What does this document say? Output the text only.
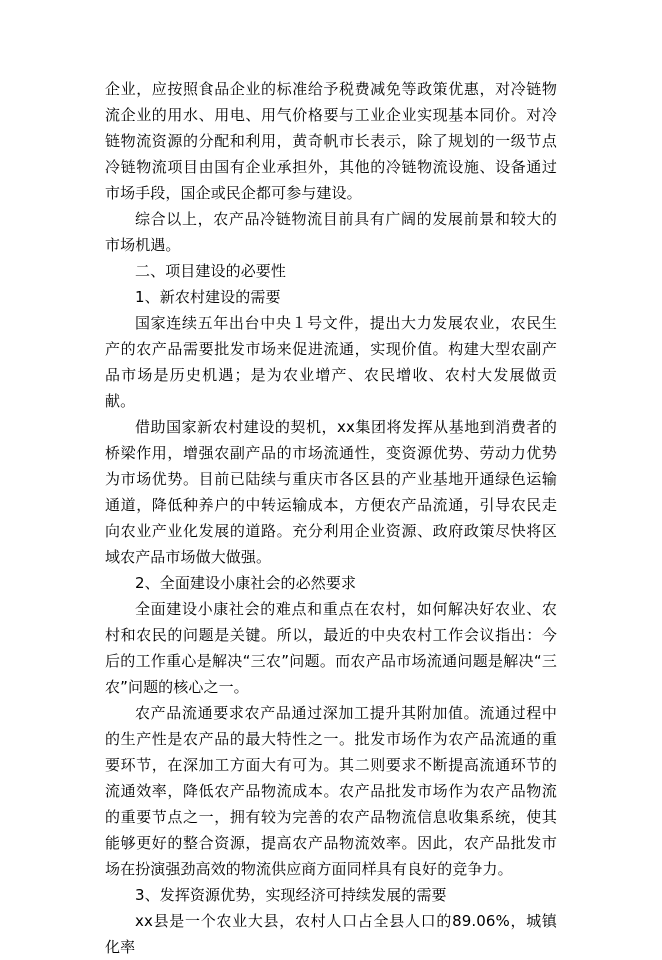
企业，应按照食品企业的标准给予税费减免等政策优惠，对冷链物流企业的用水、用电、用气价格要与工业企业实现基本同价。对冷链物流资源的分配和利用，黄奇帆市长表示，除了规划的一级节点冷链物流项目由国有企业承担外，其他的冷链物流设施、设备通过市场手段，国企或民企都可参与建设。

综合以上，农产品冷链物流目前具有广阔的发展前景和较大的市场机遇。

二、项目建设的必要性

1、新农村建设的需要

国家连续五年出台中央１号文件，提出大力发展农业，农民生产的农产品需要批发市场来促进流通，实现价值。构建大型农副产品市场是历史机遇；是为农业增产、农民增收、农村大发展做贡献。

借助国家新农村建设的契机，xx集团将发挥从基地到消费者的桥梁作用，增强农副产品的市场流通性，变资源优势、劳动力优势为市场优势。目前已陆续与重庆市各区县的产业基地开通绿色运输通道，降低种养户的中转运输成本，方便农产品流通，引导农民走向农业产业化发展的道路。充分利用企业资源、政府政策尽快将区域农产品市场做大做强。

2、全面建设小康社会的必然要求

全面建设小康社会的难点和重点在农村，如何解决好农业、农村和农民的问题是关键。所以，最近的中央农村工作会议指出：今后的工作重心是解决“三农”问题。而农产品市场流通问题是解决“三农”问题的核心之一。

农产品流通要求农产品通过深加工提升其附加值。流通过程中的生产性是农产品的最大特性之一。批发市场作为农产品流通的重要环节，在深加工方面大有可为。其二则要求不断提高流通环节的流通效率，降低农产品物流成本。农产品批发市场作为农产品物流的重要节点之一，拥有较为完善的农产品物流信息收集系统，使其能够更好的整合资源，提高农产品物流效率。因此，农产品批发市场在扮演强劲高效的物流供应商方面同样具有良好的竞争力。

3、发挥资源优势，实现经济可持续发展的需要

xx县是一个农业大县，农村人口占全县人口的89.06%，城镇化率
